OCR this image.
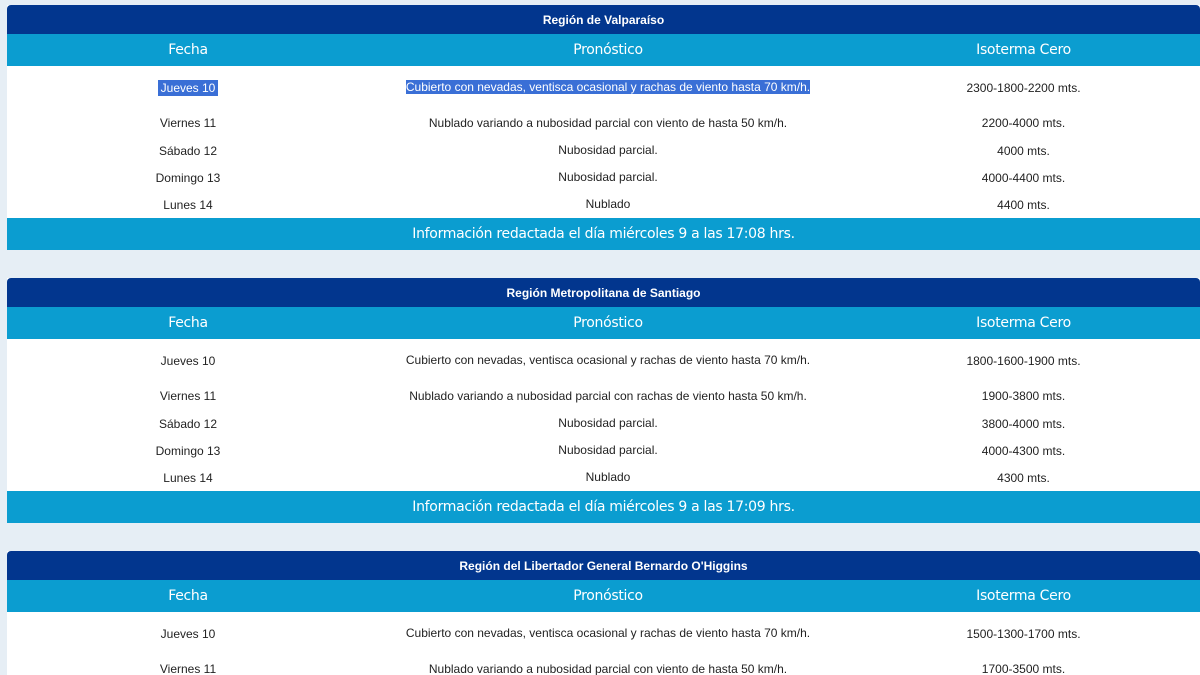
Región de Valparaíso
Fecha	Pronóstico	Isoterma Cero
Jueves 10	Cubierto con nevadas, ventisca ocasional y rachas de viento hasta 70 km/h.	2300-1800-2200 mts.
Viernes 11	Nublado variando a nubosidad parcial con viento de hasta 50 km/h.	2200-4000 mts.
Sábado 12	Nubosidad parcial.	4000 mts.
Domingo 13	Nubosidad parcial.	4000-4400 mts.
Lunes 14	Nublado	4400 mts.
Información redactada el día miércoles 9 a las 17:08 hrs.
Región Metropolitana de Santiago
Fecha	Pronóstico	Isoterma Cero
Jueves 10	Cubierto con nevadas, ventisca ocasional y rachas de viento hasta 70 km/h.	1800-1600-1900 mts.
Viernes 11	Nublado variando a nubosidad parcial con rachas de viento hasta 50 km/h.	1900-3800 mts.
Sábado 12	Nubosidad parcial.	3800-4000 mts.
Domingo 13	Nubosidad parcial.	4000-4300 mts.
Lunes 14	Nublado	4300 mts.
Información redactada el día miércoles 9 a las 17:09 hrs.
Región del Libertador General Bernardo O'Higgins
Fecha	Pronóstico	Isoterma Cero
Jueves 10	Cubierto con nevadas, ventisca ocasional y rachas de viento hasta 70 km/h.	1500-1300-1700 mts.
Viernes 11	Nublado variando a nubosidad parcial con viento de hasta 50 km/h.	1700-3500 mts.
